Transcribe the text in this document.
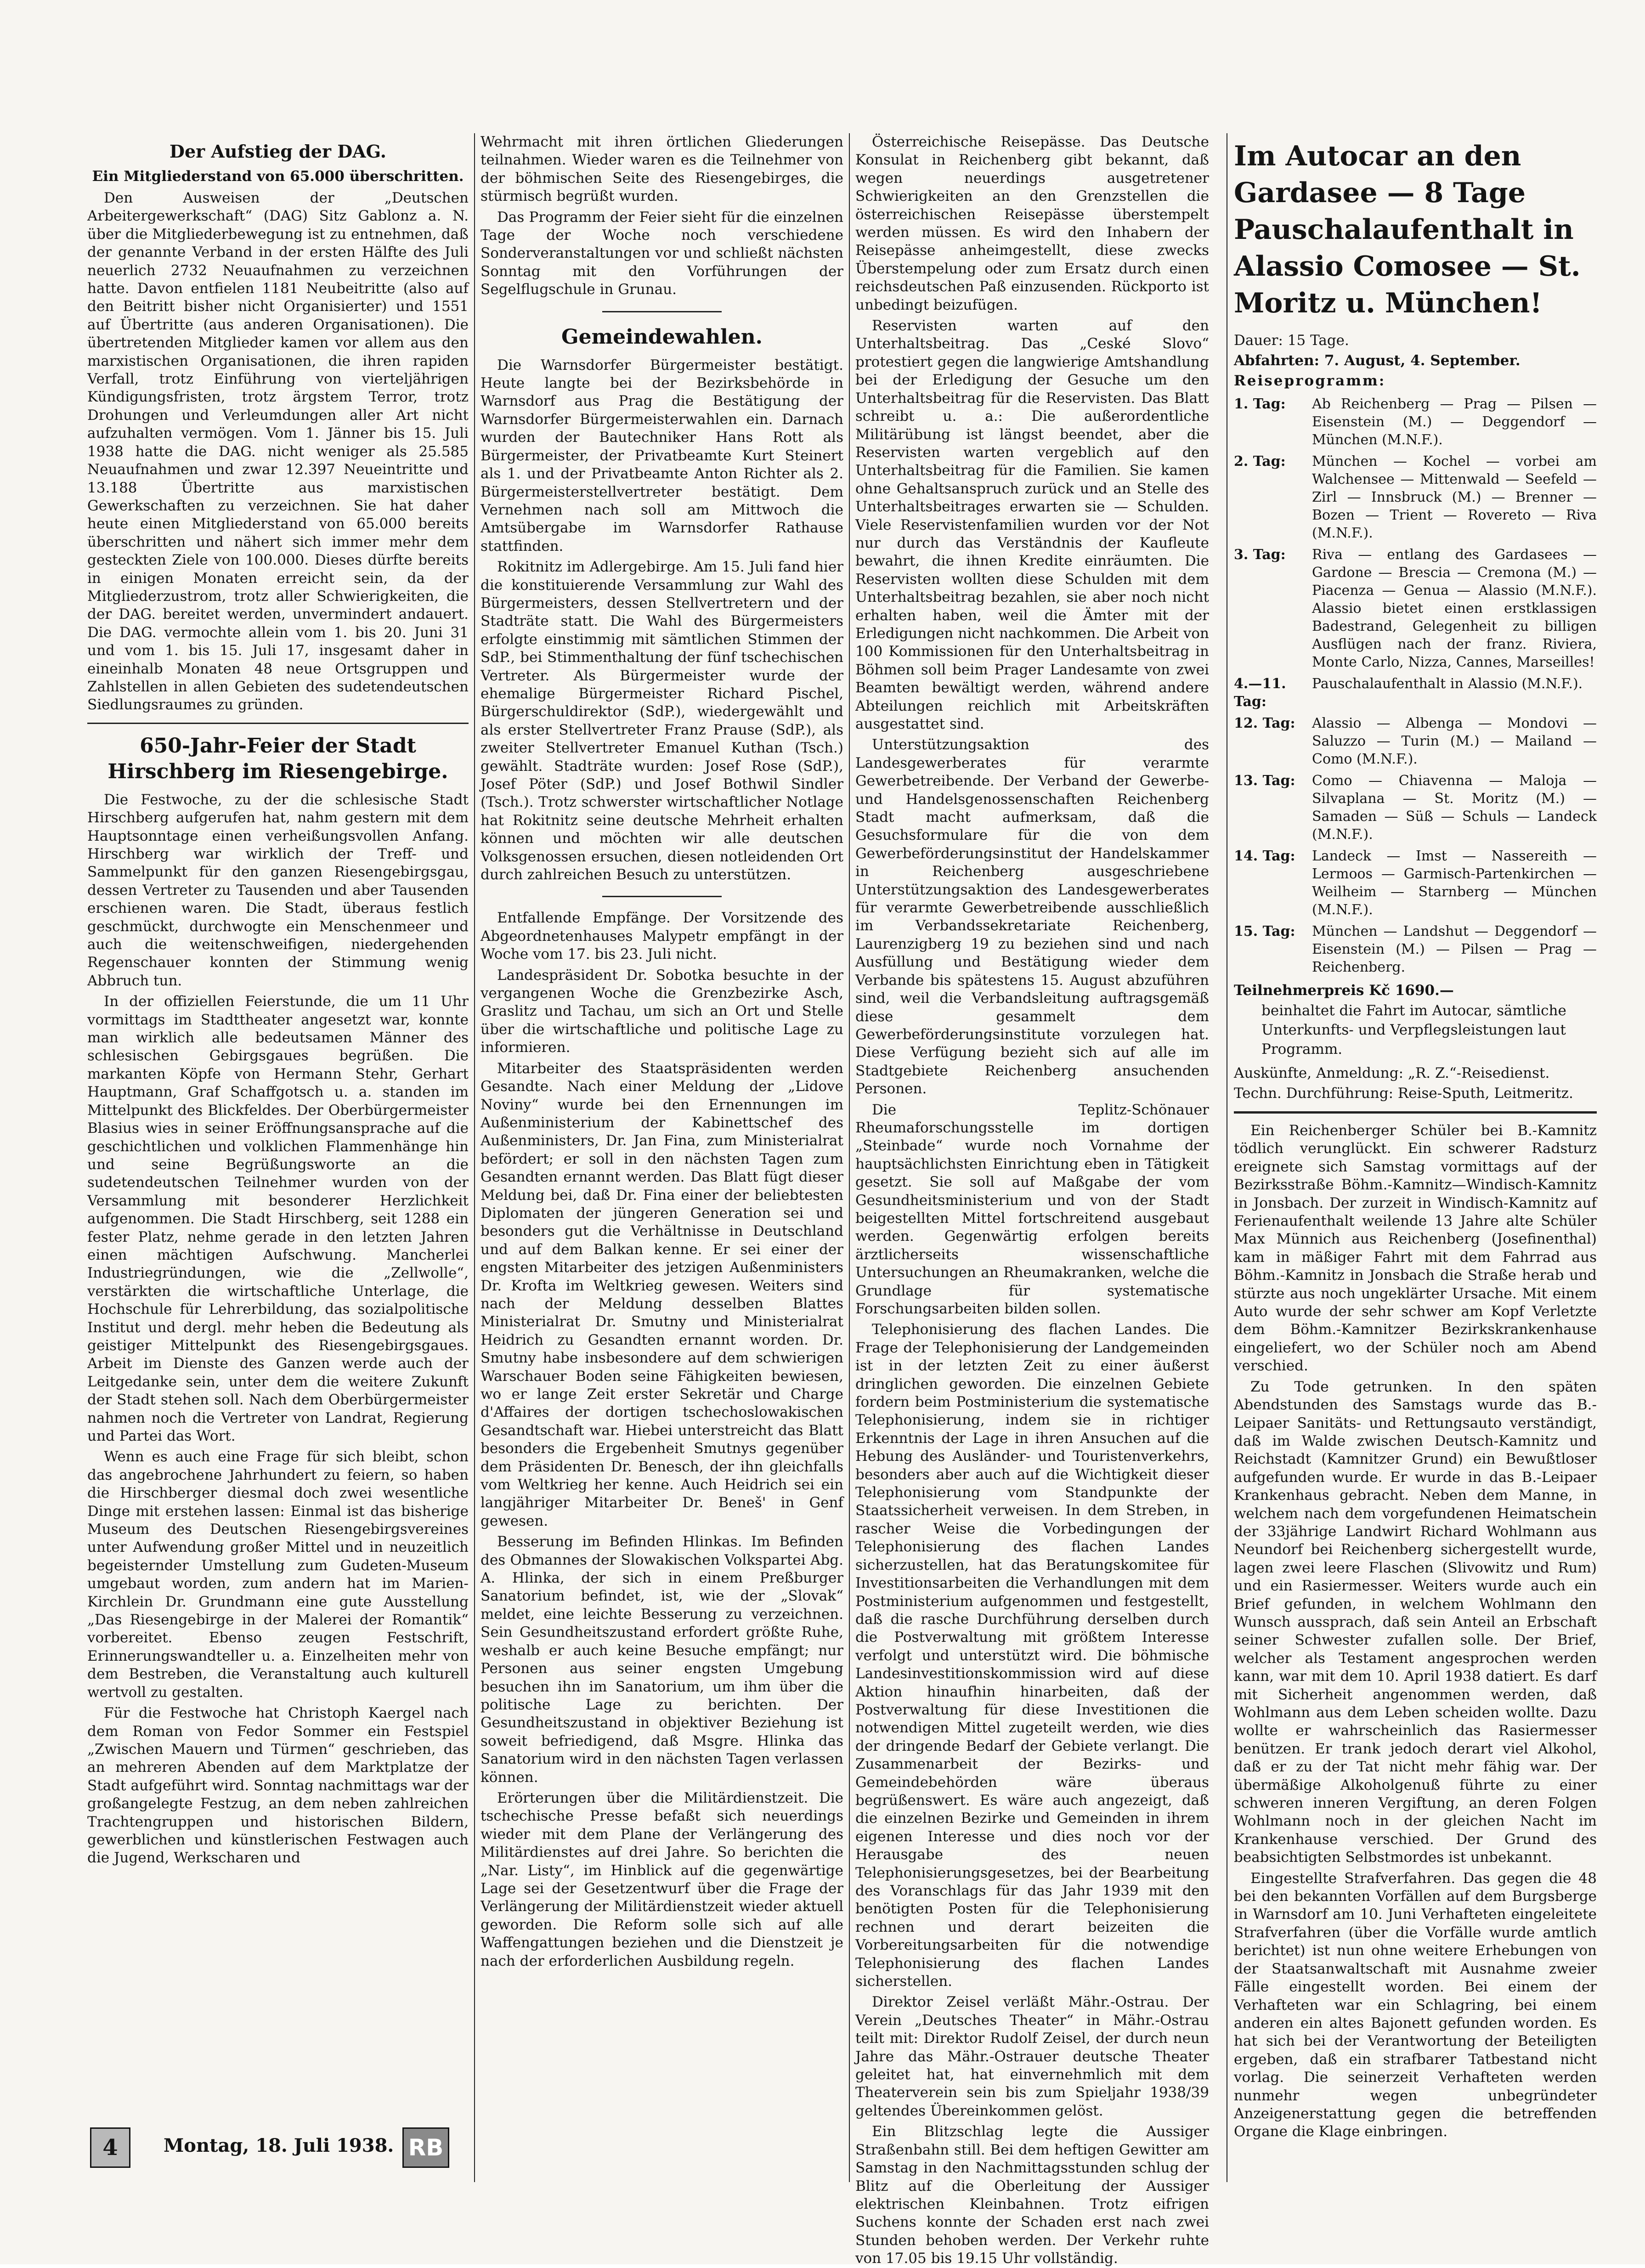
Der Aufstieg der DAG.
Ein Mitgliederstand von 65.000 überschritten.

Den Ausweisen der „Deutschen Arbeitergewerkschaft“ (DAG) Sitz Gablonz a. N. über die Mitgliederbewegung ist zu entnehmen, daß der genannte Verband in der ersten Hälfte des Juli neuerlich 2732 Neuaufnahmen zu verzeichnen hatte. Davon entfielen 1181 Neubeitritte (also auf den Beitritt bisher nicht Organisierter) und 1551 auf Übertritte (aus anderen Organisationen). Die übertretenden Mitglieder kamen vor allem aus den marxistischen Organisationen, die ihren rapiden Verfall, trotz Einführung von vierteljährigen Kündigungsfristen, trotz ärgstem Terror, trotz Drohungen und Verleumdungen aller Art nicht aufzuhalten vermögen. Vom 1. Jänner bis 15. Juli 1938 hatte die DAG. nicht weniger als 25.585 Neuaufnahmen und zwar 12.397 Neueintritte und 13.188 Übertritte aus marxistischen Gewerkschaften zu verzeichnen. Sie hat daher heute einen Mitgliederstand von 65.000 bereits überschritten und nähert sich immer mehr dem gesteckten Ziele von 100.000. Dieses dürfte bereits in einigen Monaten erreicht sein, da der Mitgliederzustrom, trotz aller Schwierigkeiten, die der DAG. bereitet werden, unvermindert andauert. Die DAG. vermochte allein vom 1. bis 20. Juni 31 und vom 1. bis 15. Juli 17, insgesamt daher in eineinhalb Monaten 48 neue Ortsgruppen und Zahlstellen in allen Gebieten des sudetendeutschen Siedlungsraumes zu gründen.

650-Jahr-Feier der Stadt Hirschberg im Riesengebirge.

Die Festwoche, zu der die schlesische Stadt Hirschberg aufgerufen hat, nahm gestern mit dem Hauptsonntage einen verheißungsvollen Anfang. Hirschberg war wirklich der Treff- und Sammelpunkt für den ganzen Riesengebirgsgau, dessen Vertreter zu Tausenden und aber Tausenden erschienen waren. Die Stadt, überaus festlich geschmückt, durchwogte ein Menschenmeer und auch die weitenschweifigen, niedergehenden Regenschauer konnten der Stimmung wenig Abbruch tun.

In der offiziellen Feierstunde, die um 11 Uhr vormittags im Stadttheater angesetzt war, konnte man wirklich alle bedeutsamen Männer des schlesischen Gebirgsgaues begrüßen. Die markanten Köpfe von Hermann Stehr, Gerhart Hauptmann, Graf Schaffgotsch u. a. standen im Mittelpunkt des Blickfeldes. Der Oberbürgermeister Blasius wies in seiner Eröffnungsansprache auf die geschichtlichen und volklichen Flammenhänge hin und seine Begrüßungsworte an die sudetendeutschen Teilnehmer wurden von der Versammlung mit besonderer Herzlichkeit aufgenommen. Die Stadt Hirschberg, seit 1288 ein fester Platz, nehme gerade in den letzten Jahren einen mächtigen Aufschwung. Mancherlei Industriegründungen, wie die „Zellwolle“, verstärkten die wirtschaftliche Unterlage, die Hochschule für Lehrerbildung, das sozialpolitische Institut und dergl. mehr heben die Bedeutung als geistiger Mittelpunkt des Riesengebirgsgaues. Arbeit im Dienste des Ganzen werde auch der Leitgedanke sein, unter dem die weitere Zukunft der Stadt stehen soll. Nach dem Oberbürgermeister nahmen noch die Vertreter von Landrat, Regierung und Partei das Wort.

Wenn es auch eine Frage für sich bleibt, schon das angebrochene Jahrhundert zu feiern, so haben die Hirschberger diesmal doch zwei wesentliche Dinge mit erstehen lassen: Einmal ist das bisherige Museum des Deutschen Riesengebirgsvereines unter Aufwendung großer Mittel und in neuzeitlich begeisternder Umstellung zum Gudeten-Museum umgebaut worden, zum andern hat im Marien-Kirchlein Dr. Grundmann eine gute Ausstellung „Das Riesengebirge in der Malerei der Romantik“ vorbereitet. Ebenso zeugen Festschrift, Erinnerungswandteller u. a. Einzelheiten mehr von dem Bestreben, die Veranstaltung auch kulturell wertvoll zu gestalten.

Für die Festwoche hat Christoph Kaergel nach dem Roman von Fedor Sommer ein Festspiel „Zwischen Mauern und Türmen“ geschrieben, das an mehreren Abenden auf dem Marktplatze der Stadt aufgeführt wird. Sonntag nachmittags war der großangelegte Festzug, an dem neben zahlreichen Trachtengruppen und historischen Bildern, gewerblichen und künstlerischen Festwagen auch die Jugend, Werkscharen und

Wehrmacht mit ihren örtlichen Gliederungen teilnahmen. Wieder waren es die Teilnehmer von der böhmischen Seite des Riesengebirges, die stürmisch begrüßt wurden.

Das Programm der Feier sieht für die einzelnen Tage der Woche noch verschiedene Sonderveranstaltungen vor und schließt nächsten Sonntag mit den Vorführungen der Segelflugschule in Grunau.

Gemeindewahlen.

Die Warnsdorfer Bürgermeister bestätigt. Heute langte bei der Bezirksbehörde in Warnsdorf aus Prag die Bestätigung der Warnsdorfer Bürgermeisterwahlen ein. Darnach wurden der Bautechniker Hans Rott als Bürgermeister, der Privatbeamte Kurt Steinert als 1. und der Privatbeamte Anton Richter als 2. Bürgermeisterstellvertreter bestätigt. Dem Vernehmen nach soll am Mittwoch die Amtsübergabe im Warnsdorfer Rathause stattfinden.

Rokitnitz im Adlergebirge. Am 15. Juli fand hier die konstituierende Versammlung zur Wahl des Bürgermeisters, dessen Stellvertretern und der Stadträte statt. Die Wahl des Bürgermeisters erfolgte einstimmig mit sämtlichen Stimmen der SdP., bei Stimmenthaltung der fünf tschechischen Vertreter. Als Bürgermeister wurde der ehemalige Bürgermeister Richard Pischel, Bürgerschuldirektor (SdP.), wiedergewählt und als erster Stellvertreter Franz Prause (SdP.), als zweiter Stellvertreter Emanuel Kuthan (Tsch.) gewählt. Stadträte wurden: Josef Rose (SdP.), Josef Pöter (SdP.) und Josef Bothwil Sindler (Tsch.). Trotz schwerster wirtschaftlicher Notlage hat Rokitnitz seine deutsche Mehrheit erhalten können und möchten wir alle deutschen Volksgenossen ersuchen, diesen notleidenden Ort durch zahlreichen Besuch zu unterstützen.

Entfallende Empfänge. Der Vorsitzende des Abgeordnetenhauses Malypetr empfängt in der Woche vom 17. bis 23. Juli nicht.

Landespräsident Dr. Sobotka besuchte in der vergangenen Woche die Grenzbezirke Asch, Graslitz und Tachau, um sich an Ort und Stelle über die wirtschaftliche und politische Lage zu informieren.

Mitarbeiter des Staatspräsidenten werden Gesandte. Nach einer Meldung der „Lidove Noviny“ wurde bei den Ernennungen im Außenministerium der Kabinettschef des Außenministers, Dr. Jan Fina, zum Ministerialrat befördert; er soll in den nächsten Tagen zum Gesandten ernannt werden. Das Blatt fügt dieser Meldung bei, daß Dr. Fina einer der beliebtesten Diplomaten der jüngeren Generation sei und besonders gut die Verhältnisse in Deutschland und auf dem Balkan kenne. Er sei einer der engsten Mitarbeiter des jetzigen Außenministers Dr. Krofta im Weltkrieg gewesen. Weiters sind nach der Meldung desselben Blattes Ministerialrat Dr. Smutny und Ministerialrat Heidrich zu Gesandten ernannt worden. Dr. Smutny habe insbesondere auf dem schwierigen Warschauer Boden seine Fähigkeiten bewiesen, wo er lange Zeit erster Sekretär und Charge d'Affaires der dortigen tschechoslowakischen Gesandtschaft war. Hiebei unterstreicht das Blatt besonders die Ergebenheit Smutnys gegenüber dem Präsidenten Dr. Benesch, der ihn gleichfalls vom Weltkrieg her kenne. Auch Heidrich sei ein langjähriger Mitarbeiter Dr. Beneš' in Genf gewesen.

Besserung im Befinden Hlinkas. Im Befinden des Obmannes der Slowakischen Volkspartei Abg. A. Hlinka, der sich in einem Preßburger Sanatorium befindet, ist, wie der „Slovak“ meldet, eine leichte Besserung zu verzeichnen. Sein Gesundheitszustand erfordert größte Ruhe, weshalb er auch keine Besuche empfängt; nur Personen aus seiner engsten Umgebung besuchen ihn im Sanatorium, um ihm über die politische Lage zu berichten. Der Gesundheitszustand in objektiver Beziehung ist soweit befriedigend, daß Msgre. Hlinka das Sanatorium wird in den nächsten Tagen verlassen können.

Erörterungen über die Militärdienstzeit. Die tschechische Presse befaßt sich neuerdings wieder mit dem Plane der Verlängerung des Militärdienstes auf drei Jahre. So berichten die „Nar. Listy“, im Hinblick auf die gegenwärtige Lage sei der Gesetzentwurf über die Frage der Verlängerung der Militärdienstzeit wieder aktuell geworden. Die Reform solle sich auf alle Waffengattungen beziehen und die Dienstzeit je nach der erforderlichen Ausbildung regeln.

Österreichische Reisepässe. Das Deutsche Konsulat in Reichenberg gibt bekannt, daß wegen neuerdings ausgetretener Schwierigkeiten an den Grenzstellen die österreichischen Reisepässe überstempelt werden müssen. Es wird den Inhabern der Reisepässe anheimgestellt, diese zwecks Überstempelung oder zum Ersatz durch einen reichsdeutschen Paß einzusenden. Rückporto ist unbedingt beizufügen.

Reservisten warten auf den Unterhaltsbeitrag. Das „Ceské Slovo“ protestiert gegen die langwierige Amtshandlung bei der Erledigung der Gesuche um den Unterhaltsbeitrag für die Reservisten. Das Blatt schreibt u. a.: Die außerordentliche Militärübung ist längst beendet, aber die Reservisten warten vergeblich auf den Unterhaltsbeitrag für die Familien. Sie kamen ohne Gehaltsanspruch zurück und an Stelle des Unterhaltsbeitrages erwarten sie — Schulden. Viele Reservistenfamilien wurden vor der Not nur durch das Verständnis der Kaufleute bewahrt, die ihnen Kredite einräumten. Die Reservisten wollten diese Schulden mit dem Unterhaltsbeitrag bezahlen, sie aber noch nicht erhalten haben, weil die Ämter mit der Erledigungen nicht nachkommen. Die Arbeit von 100 Kommissionen für den Unterhaltsbeitrag in Böhmen soll beim Prager Landesamte von zwei Beamten bewältigt werden, während andere Abteilungen reichlich mit Arbeitskräften ausgestattet sind.

Unterstützungsaktion des Landesgewerberates für verarmte Gewerbetreibende. Der Verband der Gewerbe- und Handelsgenossenschaften Reichenberg Stadt macht aufmerksam, daß die Gesuchsformulare für die von dem Gewerbeförderungsinstitut der Handelskammer in Reichenberg ausgeschriebene Unterstützungsaktion des Landesgewerberates für verarmte Gewerbetreibende ausschließlich im Verbandssekretariate Reichenberg, Laurenzigberg 19 zu beziehen sind und nach Ausfüllung und Bestätigung wieder dem Verbande bis spätestens 15. August abzuführen sind, weil die Verbandsleitung auftragsgemäß diese gesammelt dem Gewerbeförderungsinstitute vorzulegen hat. Diese Verfügung bezieht sich auf alle im Stadtgebiete Reichenberg ansuchenden Personen.

Die Teplitz-Schönauer Rheumaforschungsstelle im dortigen „Steinbade“ wurde noch Vornahme der hauptsächlichsten Einrichtung eben in Tätigkeit gesetzt. Sie soll auf Maßgabe der vom Gesundheitsministerium und von der Stadt beigestellten Mittel fortschreitend ausgebaut werden. Gegenwärtig erfolgen bereits ärztlicherseits wissenschaftliche Untersuchungen an Rheumakranken, welche die Grundlage für systematische Forschungsarbeiten bilden sollen.

Telephonisierung des flachen Landes. Die Frage der Telephonisierung der Landgemeinden ist in der letzten Zeit zu einer äußerst dringlichen geworden. Die einzelnen Gebiete fordern beim Postministerium die systematische Telephonisierung, indem sie in richtiger Erkenntnis der Lage in ihren Ansuchen auf die Hebung des Ausländer- und Touristenverkehrs, besonders aber auch auf die Wichtigkeit dieser Telephonisierung vom Standpunkte der Staatssicherheit verweisen. In dem Streben, in rascher Weise die Vorbedingungen der Telephonisierung des flachen Landes sicherzustellen, hat das Beratungskomitee für Investitionsarbeiten die Verhandlungen mit dem Postministerium aufgenommen und festgestellt, daß die rasche Durchführung derselben durch die Postverwaltung mit größtem Interesse verfolgt und unterstützt wird. Die böhmische Landesinvestitionskommission wird auf diese Aktion hinaufhin hinarbeiten, daß der Postverwaltung für diese Investitionen die notwendigen Mittel zugeteilt werden, wie dies der dringende Bedarf der Gebiete verlangt. Die Zusammenarbeit der Bezirks- und Gemeindebehörden wäre überaus begrüßenswert. Es wäre auch angezeigt, daß die einzelnen Bezirke und Gemeinden in ihrem eigenen Interesse und dies noch vor der Herausgabe des neuen Telephonisierungsgesetzes, bei der Bearbeitung des Voranschlags für das Jahr 1939 mit den benötigten Posten für die Telephonisierung rechnen und derart beizeiten die Vorbereitungsarbeiten für die notwendige Telephonisierung des flachen Landes sicherstellen.

Direktor Zeisel verläßt Mähr.-Ostrau. Der Verein „Deutsches Theater“ in Mähr.-Ostrau teilt mit: Direktor Rudolf Zeisel, der durch neun Jahre das Mähr.-Ostrauer deutsche Theater geleitet hat, hat einvernehmlich mit dem Theaterverein sein bis zum Spieljahr 1938/39 geltendes Übereinkommen gelöst.

Ein Blitzschlag legte die Aussiger Straßenbahn still. Bei dem heftigen Gewitter am Samstag in den Nachmittagsstunden schlug der Blitz auf die Oberleitung der Aussiger elektrischen Kleinbahnen. Trotz eifrigen Suchens konnte der Schaden erst nach zwei Stunden behoben werden. Der Verkehr ruhte von 17.05 bis 19.15 Uhr vollständig.

Im Autocar an den Gardasee — 8 Tage Pauschalaufenthalt in Alassio Comosee — St. Moritz u. München!
Dauer: 15 Tage.
Abfahrten: 7. August, 4. September.
Reiseprogramm:
1. Tag:	Ab Reichenberg — Prag — Pilsen — Eisenstein (M.) — Deggendorf — München (M.N.F.).
2. Tag:	München — Kochel — vorbei am Walchensee — Mittenwald — Seefeld — Zirl — Innsbruck (M.) — Brenner — Bozen — Trient — Rovereto — Riva (M.N.F.).
3. Tag:	Riva — entlang des Gardasees — Gardone — Brescia — Cremona (M.) — Piacenza — Genua — Alassio (M.N.F.). Alassio bietet einen erstklassigen Badestrand, Gelegenheit zu billigen Ausflügen nach der franz. Riviera, Monte Carlo, Nizza, Cannes, Marseilles!
4.—11. Tag:
Pauschalaufenthalt in Alassio (M.N.F.).
12. Tag:	Alassio — Albenga — Mondovi — Saluzzo — Turin (M.) — Mailand — Como (M.N.F.).
13. Tag:	Como — Chiavenna — Maloja — Silvaplana — St. Moritz (M.) — Samaden — Süß — Schuls — Landeck (M.N.F.).
14. Tag:	Landeck — Imst — Nassereith — Lermoos — Garmisch-Partenkirchen — Weilheim — Starnberg — München (M.N.F.).
15. Tag:	München — Landshut — Deggendorf — Eisenstein (M.) — Pilsen — Prag — Reichenberg.
Teilnehmerpreis Kč 1690.—
beinhaltet die Fahrt im Autocar, sämtliche Unterkunfts- und Verpflegsleistungen laut Programm.
Auskünfte, Anmeldung: „R. Z.“-Reisedienst.
Techn. Durchführung: Reise-Sputh, Leitmeritz.

Ein Reichenberger Schüler bei B.-Kamnitz tödlich verunglückt. Ein schwerer Radsturz ereignete sich Samstag vormittags auf der Bezirksstraße Böhm.-Kamnitz—Windisch-Kamnitz in Jonsbach. Der zurzeit in Windisch-Kamnitz auf Ferienaufenthalt weilende 13 Jahre alte Schüler Max Münnich aus Reichenberg (Josefinenthal) kam in mäßiger Fahrt mit dem Fahrrad aus Böhm.-Kamnitz in Jonsbach die Straße herab und stürzte aus noch ungeklärter Ursache. Mit einem Auto wurde der sehr schwer am Kopf Verletzte dem Böhm.-Kamnitzer Bezirkskrankenhause eingeliefert, wo der Schüler noch am Abend verschied.

Zu Tode getrunken. In den späten Abendstunden des Samstags wurde das B.-Leipaer Sanitäts- und Rettungsauto verständigt, daß im Walde zwischen Deutsch-Kamnitz und Reichstadt (Kamnitzer Grund) ein Bewußtloser aufgefunden wurde. Er wurde in das B.-Leipaer Krankenhaus gebracht. Neben dem Manne, in welchem nach dem vorgefundenen Heimatschein der 33jährige Landwirt Richard Wohlmann aus Neundorf bei Reichenberg sichergestellt wurde, lagen zwei leere Flaschen (Slivowitz und Rum) und ein Rasiermesser. Weiters wurde auch ein Brief gefunden, in welchem Wohlmann den Wunsch aussprach, daß sein Anteil an Erbschaft seiner Schwester zufallen solle. Der Brief, welcher als Testament angesprochen werden kann, war mit dem 10. April 1938 datiert. Es darf mit Sicherheit angenommen werden, daß Wohlmann aus dem Leben scheiden wollte. Dazu wollte er wahrscheinlich das Rasiermesser benützen. Er trank jedoch derart viel Alkohol, daß er zu der Tat nicht mehr fähig war. Der übermäßige Alkoholgenuß führte zu einer schweren inneren Vergiftung, an deren Folgen Wohlmann noch in der gleichen Nacht im Krankenhause verschied. Der Grund des beabsichtigten Selbstmordes ist unbekannt.

Eingestellte Strafverfahren. Das gegen die 48 bei den bekannten Vorfällen auf dem Burgsberge in Warnsdorf am 10. Juni Verhafteten eingeleitete Strafverfahren (über die Vorfälle wurde amtlich berichtet) ist nun ohne weitere Erhebungen von der Staatsanwaltschaft mit Ausnahme zweier Fälle eingestellt worden. Bei einem der Verhafteten war ein Schlagring, bei einem anderen ein altes Bajonett gefunden worden. Es hat sich bei der Verantwortung der Beteiligten ergeben, daß ein strafbarer Tatbestand nicht vorlag. Die seinerzeit Verhafteten werden nunmehr wegen unbegründeter Anzeigenerstattung gegen die betreffenden Organe die Klage einbringen.

4	Montag, 18. Juli 1938. RB
